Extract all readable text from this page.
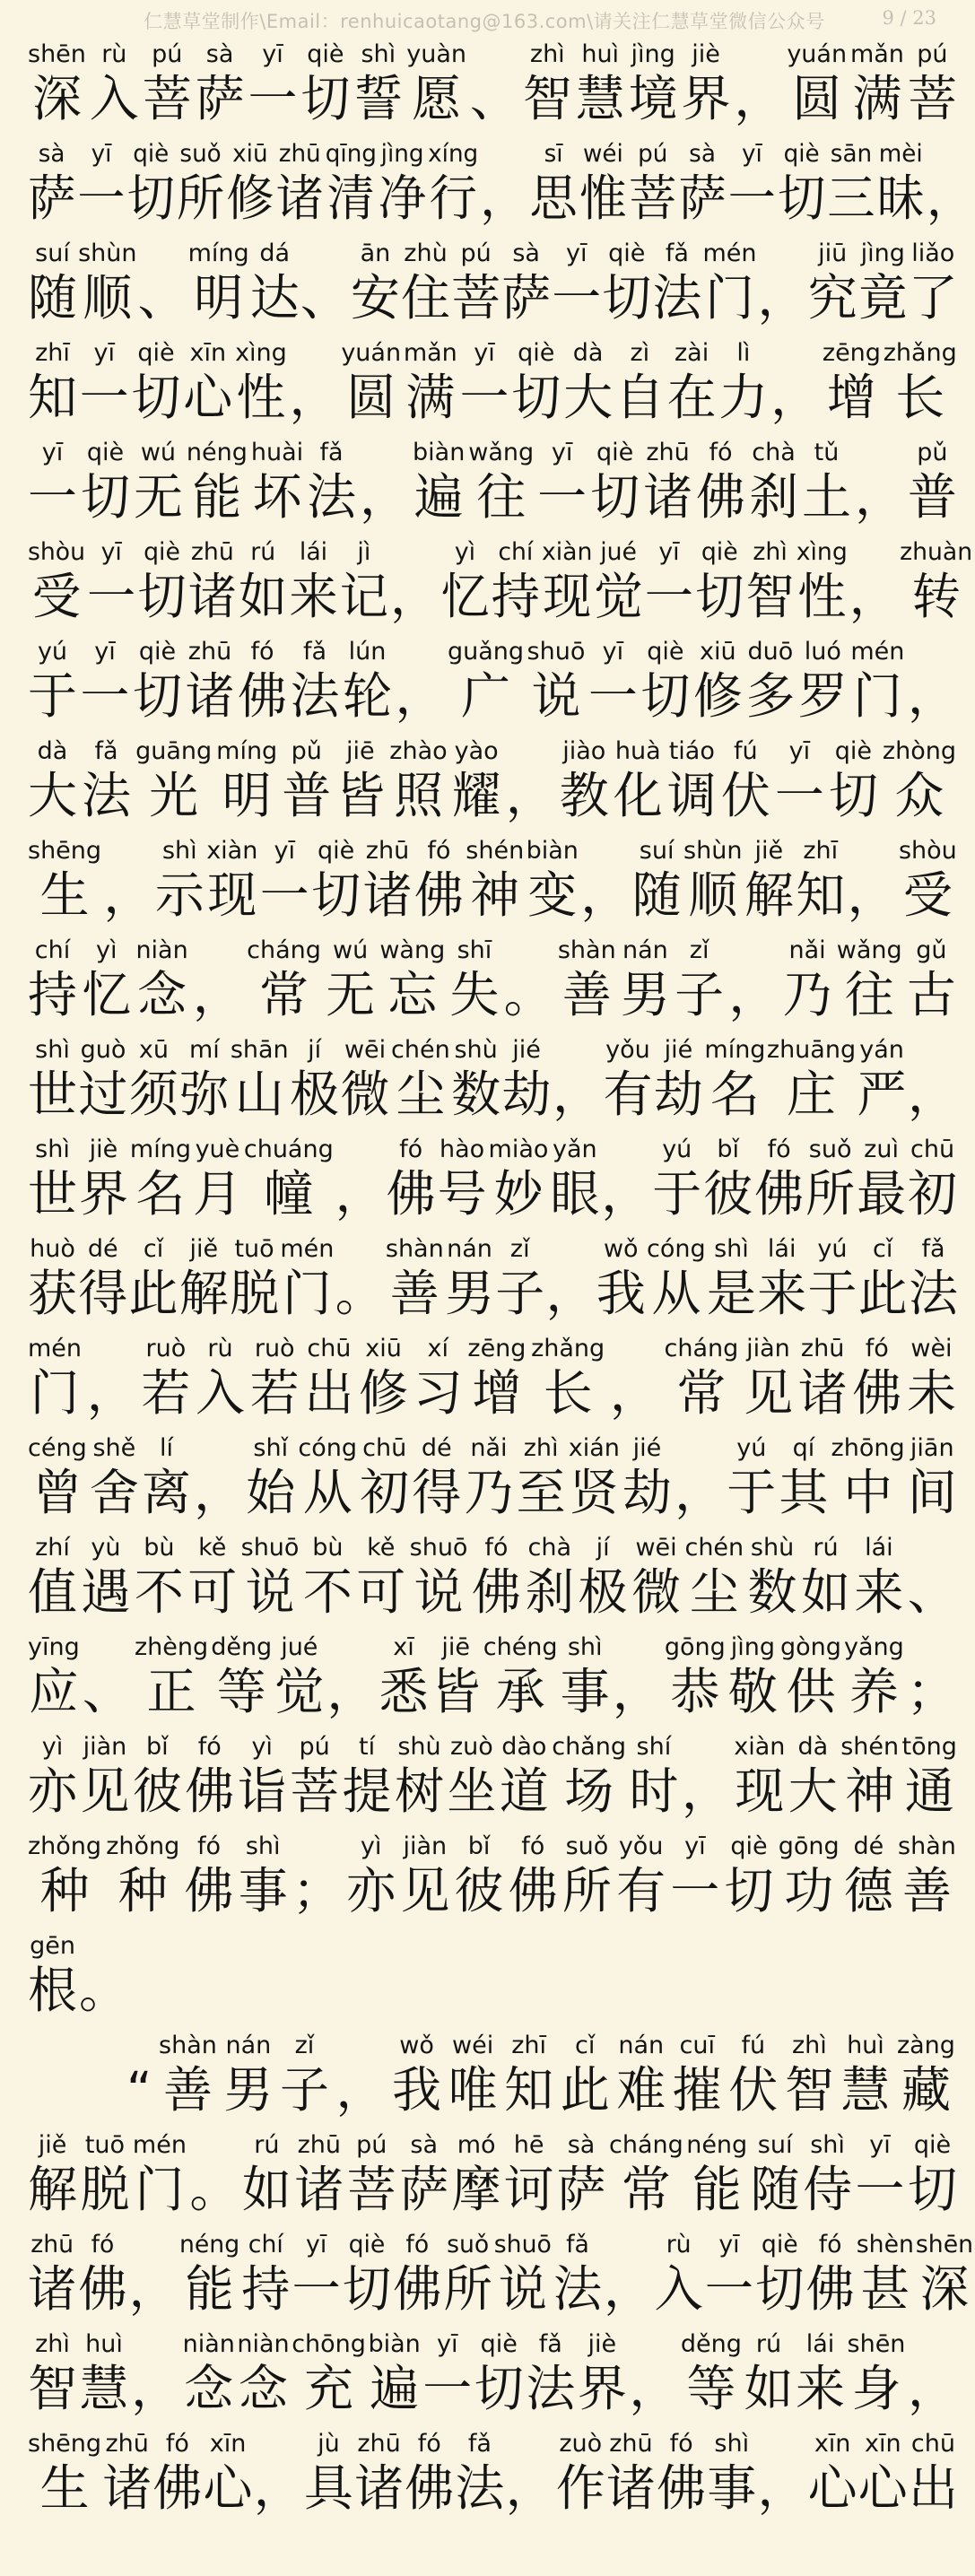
仁慧草堂制作\Email：renhuicaotang@163.com\请关注仁慧草堂微信公众号	9 / 23
深
shēn
入
rù
菩
pú
萨
sà
一
yī
切
qiè
誓
shì
愿
yuàn
、
智
zhì
慧
huì
境
jìng
界
jiè
，
圆
yuán
满
mǎn
菩
pú
萨
sà
一
yī
切
qiè
所
suǒ
修
xiū
诸
zhū
清
qīng
净
jìng
行
xíng
，
思
sī
惟
wéi
菩
pú
萨
sà
一
yī
切
qiè
三
sān
昧
mèi
，

随
suí
顺
shùn
、
明
míng
达
dá
、
安
ān
住
zhù
菩
pú
萨
sà
一
yī
切
qiè
法
fǎ
门
mén
，
究
jiū
竟
jìng
了
liǎo
知
zhī
一
yī
切
qiè
心
xīn
性
xìng
，
圆
yuán
满
mǎn
一
yī
切
qiè
大
dà
自
zì
在
zài
力
lì
，
增
zēng
长
zhǎng
一
yī
切
qiè
无
wú
能
néng
坏
huài
法
fǎ
，
遍
biàn
往
wǎng
一
yī
切
qiè
诸
zhū
佛
fó
刹
chà
土
tǔ
，
普
pǔ
受
shòu
一
yī
切
qiè
诸
zhū
如
rú
来
lái
记
jì
，
忆
yì
持
chí
现
xiàn
觉
jué
一
yī
切
qiè
智
zhì
性
xìng
，
转
zhuàn
于
yú
一
yī
切
qiè
诸
zhū
佛
fó
法
fǎ
轮
lún
，
广
guǎng
说
shuō
一
yī
切
qiè
修
xiū
多
duō
罗
luó
门
mén
，

大
dà
法
fǎ
光
guāng
明
míng
普
pǔ
皆
jiē
照
zhào
耀
yào
，
教
jiào
化
huà
调
tiáo
伏
fú
一
yī
切
qiè
众
zhòng
生
shēng
，
示
shì
现
xiàn
一
yī
切
qiè
诸
zhū
佛
fó
神
shén
变
biàn
，
随
suí
顺
shùn
解
jiě
知
zhī
，
受
shòu
持
chí
忆
yì
念
niàn
，
常
cháng
无
wú
忘
wàng
失
shī
。
善
shàn
男
nán
子
zǐ
，
乃
nǎi
往
wǎng
古
gǔ
世
shì
过
guò
须
xū
弥
mí
山
shān
极
jí
微
wēi
尘
chén
数
shù
劫
jié
，
有
yǒu
劫
jié
名
míng
庄
zhuāng
严
yán
，

世
shì
界
jiè
名
míng
月
yuè
幢
chuáng
，
佛
fó
号
hào
妙
miào
眼
yǎn
，
于
yú
彼
bǐ
佛
fó
所
suǒ
最
zuì
初
chū
获
huò
得
dé
此
cǐ
解
jiě
脱
tuō
门
mén
。
善
shàn
男
nán
子
zǐ
，
我
wǒ
从
cóng
是
shì
来
lái
于
yú
此
cǐ
法
fǎ
门
mén
，
若
ruò
入
rù
若
ruò
出
chū
修
xiū
习
xí
增
zēng
长
zhǎng
，
常
cháng
见
jiàn
诸
zhū
佛
fó
未
wèi
曾
céng
舍
shě
离
lí
，
始
shǐ
从
cóng
初
chū
得
dé
乃
nǎi
至
zhì
贤
xián
劫
jié
，
于
yú
其
qí
中
zhōng
间
jiān
值
zhí
遇
yù
不
bù
可
kě
说
shuō
不
bù
可
kě
说
shuō
佛
fó
刹
chà
极
jí
微
wēi
尘
chén
数
shù
如
rú
来
lái
、

应
yīng
、
正
zhèng
等
děng
觉
jué
，
悉
xī
皆
jiē
承
chéng
事
shì
，
恭
gōng
敬
jìng
供
gòng
养
yǎng
；

亦
yì
见
jiàn
彼
bǐ
佛
fó
诣
yì
菩
pú
提
tí
树
shù
坐
zuò
道
dào
场
chǎng
时
shí
，
现
xiàn
大
dà
神
shén
通
tōng
种
zhǒng
种
zhǒng
佛
fó
事
shì
；
亦
yì
见
jiàn
彼
bǐ
佛
fó
所
suǒ
有
yǒu
一
yī
切
qiè
功
gōng
德
dé
善
shàn
根
gēn
。

“
善
shàn
男
nán
子
zǐ
，
我
wǒ
唯
wéi
知
zhī
此
cǐ
难
nán
摧
cuī
伏
fú
智
zhì
慧
huì
藏
zàng
解
jiě
脱
tuō
门
mén
。
如
rú
诸
zhū
菩
pú
萨
sà
摩
mó
诃
hē
萨
sà
常
cháng
能
néng
随
suí
侍
shì
一
yī
切
qiè
诸
zhū
佛
fó
，
能
néng
持
chí
一
yī
切
qiè
佛
fó
所
suǒ
说
shuō
法
fǎ
，
入
rù
一
yī
切
qiè
佛
fó
甚
shèn
深
shēn
智
zhì
慧
huì
，
念
niàn
念
niàn
充
chōng
遍
biàn
一
yī
切
qiè
法
fǎ
界
jiè
，
等
děng
如
rú
来
lái
身
shēn
，

生
shēng
诸
zhū
佛
fó
心
xīn
，
具
jù
诸
zhū
佛
fó
法
fǎ
，
作
zuò
诸
zhū
佛
fó
事
shì
，
心
xīn
心
xīn
出
chū
